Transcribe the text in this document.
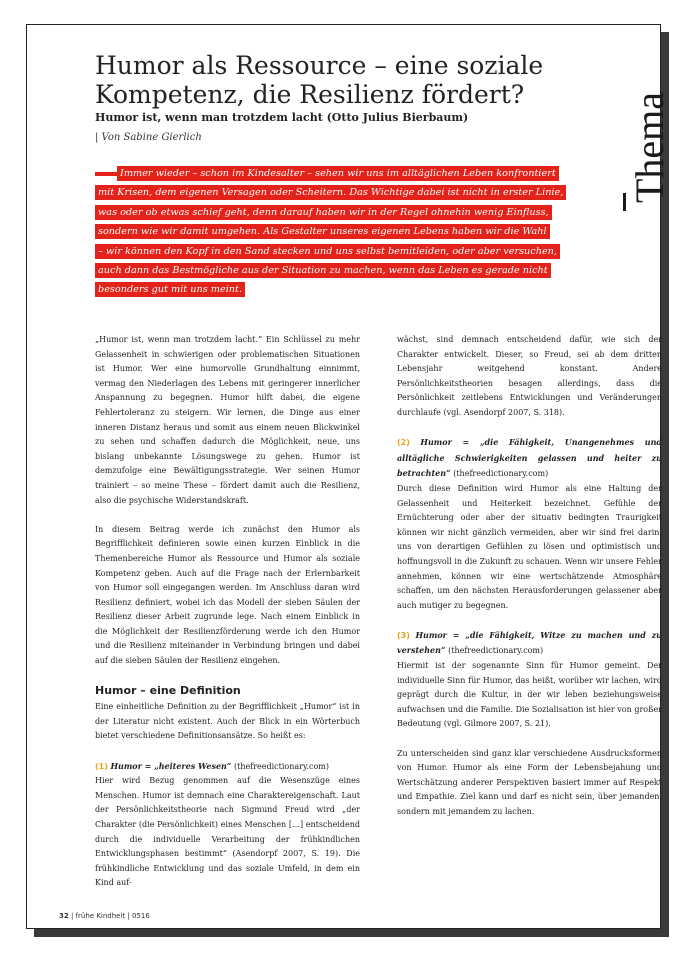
Thema
Humor als Ressource – eine soziale
Kompetenz, die Resilienz fördert?

Humor ist, wenn man trotzdem lacht (Otto Julius Bierbaum)

| Von Sabine Gierlich

Immer wieder – schon im Kindesalter – sehen wir uns im alltäglichen Leben konfrontiert
mit Krisen, dem eigenen Versagen oder Scheitern. Das Wichtige dabei ist nicht in erster Linie,
was oder ob etwas schief geht, denn darauf haben wir in der Regel ohnehin wenig Einfluss,
sondern wie wir damit umgehen. Als Gestalter unseres eigenen Lebens haben wir die Wahl
– wir können den Kopf in den Sand stecken und uns selbst bemitleiden, oder aber versuchen,
auch dann das Bestmögliche aus der Situation zu machen, wenn das Leben es gerade nicht
besonders gut mit uns meint.

„Humor ist, wenn man trotzdem lacht.“ Ein Schlüssel zu mehr Gelassenheit in schwierigen oder problematischen Situationen ist Humor. Wer eine humorvolle Grundhaltung einnimmt, vermag den Niederlagen des Lebens mit geringerer innerlicher Anspannung zu begegnen. Humor hilft dabei, die eigene Fehlertoleranz zu steigern. Wir lernen, die Dinge aus einer inneren Distanz heraus und somit aus einem neuen Blickwinkel zu sehen und schaffen dadurch die Möglichkeit, neue, uns bislang unbekannte Lösungswege zu gehen. Humor ist demzufolge eine Bewältigungsstrategie. Wer seinen Humor trainiert – so meine These – fördert damit auch die Resilienz, also die psychische Widerstandskraft.

In diesem Beitrag werde ich zunächst den Humor als Begrifflichkeit definieren sowie einen kurzen Einblick in die Themenbereiche Humor als Ressource und Humor als soziale Kompetenz geben. Auch auf die Frage nach der Erlernbarkeit von Humor soll eingegangen werden. Im Anschluss daran wird Resilienz definiert, wobei ich das Modell der sieben Säulen der Resilienz dieser Arbeit zugrunde lege. Nach einem Einblick in die Möglichkeit der Resilienzförderung werde ich den Humor und die Resilienz miteinander in Verbindung bringen und dabei auf die sieben Säulen der Resilienz eingehen.

Humor – eine Definition

Eine einheitliche Definition zu der Begrifflichkeit „Humor“ ist in der Literatur nicht existent. Auch der Blick in ein Wörterbuch bietet verschiedene Definitionsansätze. So heißt es:

(1) Humor = „heiteres Wesen“ (thefreedictionary.com)

Hier wird Bezug genommen auf die Wesenszüge eines Menschen. Humor ist demnach eine Charaktereigenschaft. Laut der Persönlichkeitstheorie nach Sigmund Freud wird „der Charakter (die Persönlichkeit) eines Menschen […] entscheidend durch die individuelle Verarbeitung der frühkindlichen Entwicklungsphasen bestimmt“ (Asendorpf 2007, S. 19). Die frühkindliche Entwicklung und das soziale Umfeld, in dem ein Kind auf-

wächst, sind demnach entscheidend dafür, wie sich der Charakter entwickelt. Dieser, so Freud, sei ab dem dritten Lebensjahr weitgehend konstant. Andere Persönlichkeitstheorien besagen allerdings, dass die Persönlichkeit zeitlebens Entwicklungen und Veränderungen durchlaufe (vgl. Asendorpf 2007, S. 318).

(2) Humor = „die Fähigkeit, Unangenehmes und alltägliche Schwierigkeiten gelassen und heiter zu betrachten“ (thefreedictionary.com)

Durch diese Definition wird Humor als eine Haltung der Gelassenheit und Heiterkeit bezeichnet. Gefühle der Ernüchterung oder aber der situativ bedingten Traurigkeit können wir nicht gänzlich vermeiden, aber wir sind frei darin, uns von derartigen Gefühlen zu lösen und optimistisch und hoffnungsvoll in die Zukunft zu schauen. Wenn wir unsere Fehler annehmen, können wir eine wertschätzende Atmosphäre schaffen, um den nächsten Herausforderungen gelassener aber auch mutiger zu begegnen.

(3) Humor = „die Fähigkeit, Witze zu machen und zu verstehen“ (thefreedictionary.com)

Hiermit ist der sogenannte Sinn für Humor gemeint. Der individuelle Sinn für Humor, das heißt, worüber wir lachen, wird geprägt durch die Kultur, in der wir leben beziehungsweise aufwachsen und die Familie. Die Sozialisation ist hier von großer Bedeutung (vgl. Gilmore 2007, S. 21).

Zu unterscheiden sind ganz klar verschiedene Ausdrucksformen von Humor. Humor als eine Form der Lebensbejahung und Wertschätzung anderer Perspektiven basiert immer auf Respekt und Empathie. Ziel kann und darf es nicht sein, über jemanden, sondern mit jemandem zu lachen.

32 | frühe Kindheit | 0516
